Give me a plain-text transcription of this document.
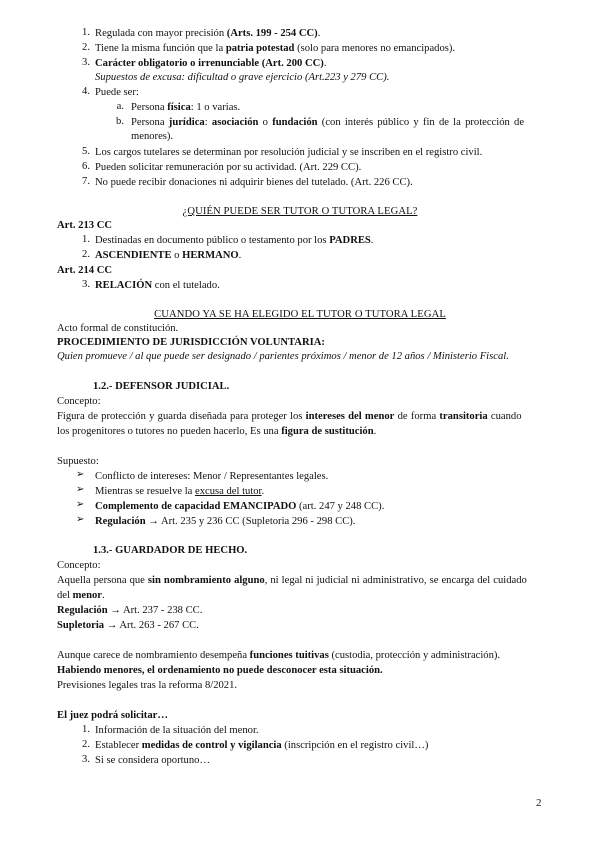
1. Regulada con mayor precisión (Arts. 199 - 254 CC).
2. Tiene la misma función que la patria potestad (solo para menores no emancipados).
3. Carácter obligatorio o irrenunciable (Art. 200 CC).
Supuestos de excusa: dificultad o grave ejercicio (Art.223 y 279 CC).
4. Puede ser:
a. Persona física: 1 o varias.
b. Persona jurídica: asociación o fundación (con interés público y fin de la protección de
menores).
5. Los cargos tutelares se determinan por resolución judicial y se inscriben en el registro civil.
6. Pueden solicitar remuneración por su actividad. (Art. 229 CC).
7. No puede recibir donaciones ni adquirir bienes del tutelado. (Art. 226 CC).
¿QUIÉN PUEDE SER TUTOR O TUTORA LEGAL?
Art. 213 CC
1. Destinadas en documento público o testamento por los PADRES.
2. ASCENDIENTE o HERMANO.
Art. 214 CC
3. RELACIÓN con el tutelado.
CUANDO YA SE HA ELEGIDO EL TUTOR O TUTORA LEGAL
Acto formal de constitución.
PROCEDIMIENTO DE JURISDICCIÓN VOLUNTARIA:
Quien promueve / al que puede ser designado / parientes próximos / menor de 12 años / Ministerio Fiscal.
1.2.- DEFENSOR JUDICIAL.
Concepto:
Figura de protección y guarda diseñada para proteger los intereses del menor de forma transitoria cuando
los progenitores o tutores no pueden hacerlo, Es una figura de sustitución.
Supuesto:
➢	Conflicto de intereses: Menor / Representantes legales.
➢	Mientras se resuelve la excusa del tutor.
➢	Complemento de capacidad EMANCIPADO (art. 247 y 248 CC).
➢	Regulación → Art. 235 y 236 CC (Supletoria 296 - 298 CC).
1.3.- GUARDADOR DE HECHO.
Concepto:
Aquella persona que sin nombramiento alguno, ni legal ni judicial ni administrativo, se encarga del cuidado
del menor.
Regulación → Art. 237 - 238 CC.
Supletoria → Art. 263 - 267 CC.
Aunque carece de nombramiento desempeña funciones tuitivas (custodia, protección y administración).
Habiendo menores, el ordenamiento no puede desconocer esta situación.
Previsiones legales tras la reforma 8/2021.
El juez podrá solicitar…
1. Información de la situación del menor.
2. Establecer medidas de control y vigilancia (inscripción en el registro civil…)
3. Si se considera oportuno…
2
